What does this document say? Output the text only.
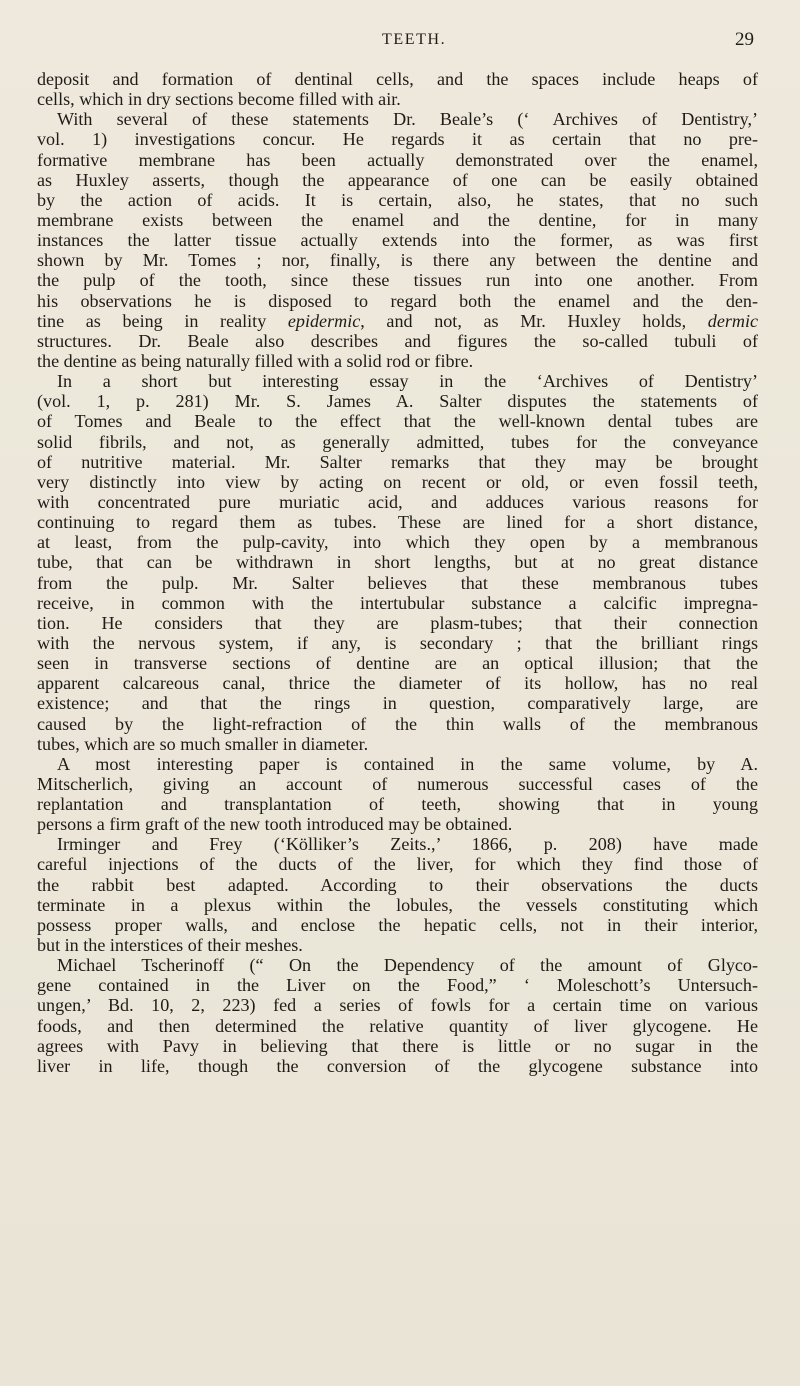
TEETH.	29
deposit and formation of dentinal cells, and the spaces include heaps of
cells, which in dry sections become filled with air.
With several of these statements Dr. Beale’s (‘ Archives of Dentistry,’
vol. 1) investigations concur. He regards it as certain that no pre-
formative membrane has been actually demonstrated over the enamel,
as Huxley asserts, though the appearance of one can be easily obtained
by the action of acids. It is certain, also, he states, that no such
membrane exists between the enamel and the dentine, for in many
instances the latter tissue actually extends into the former, as was first
shown by Mr. Tomes ; nor, finally, is there any between the dentine and
the pulp of the tooth, since these tissues run into one another. From
his observations he is disposed to regard both the enamel and the den-
tine as being in reality epidermic, and not, as Mr. Huxley holds, dermic
structures. Dr. Beale also describes and figures the so-called tubuli of
the dentine as being naturally filled with a solid rod or fibre.
In a short but interesting essay in the ‘Archives of Dentistry’
(vol. 1, p. 281) Mr. S. James A. Salter disputes the statements of
of Tomes and Beale to the effect that the well-known dental tubes are
solid fibrils, and not, as generally admitted, tubes for the conveyance
of nutritive material. Mr. Salter remarks that they may be brought
very distinctly into view by acting on recent or old, or even fossil teeth,
with concentrated pure muriatic acid, and adduces various reasons for
continuing to regard them as tubes. These are lined for a short distance,
at least, from the pulp-cavity, into which they open by a membranous
tube, that can be withdrawn in short lengths, but at no great distance
from the pulp. Mr. Salter believes that these membranous tubes
receive, in common with the intertubular substance a calcific impregna-
tion. He considers that they are plasm-tubes; that their connection
with the nervous system, if any, is secondary ; that the brilliant rings
seen in transverse sections of dentine are an optical illusion; that the
apparent calcareous canal, thrice the diameter of its hollow, has no real
existence; and that the rings in question, comparatively large, are
caused by the light-refraction of the thin walls of the membranous
tubes, which are so much smaller in diameter.
A most interesting paper is contained in the same volume, by A.
Mitscherlich, giving an account of numerous successful cases of the
replantation and transplantation of teeth, showing that in young
persons a firm graft of the new tooth introduced may be obtained.
Irminger and Frey (‘Kölliker’s Zeits.,’ 1866, p. 208) have made
careful injections of the ducts of the liver, for which they find those of
the rabbit best adapted. According to their observations the ducts
terminate in a plexus within the lobules, the vessels constituting which
possess proper walls, and enclose the hepatic cells, not in their interior,
but in the interstices of their meshes.
Michael Tscherinoff (“ On the Dependency of the amount of Glyco-
gene contained in the Liver on the Food,” ‘ Moleschott’s Untersuch-
ungen,’ Bd. 10, 2, 223) fed a series of fowls for a certain time on various
foods, and then determined the relative quantity of liver glycogene. He
agrees with Pavy in believing that there is little or no sugar in the
liver in life, though the conversion of the glycogene substance into
